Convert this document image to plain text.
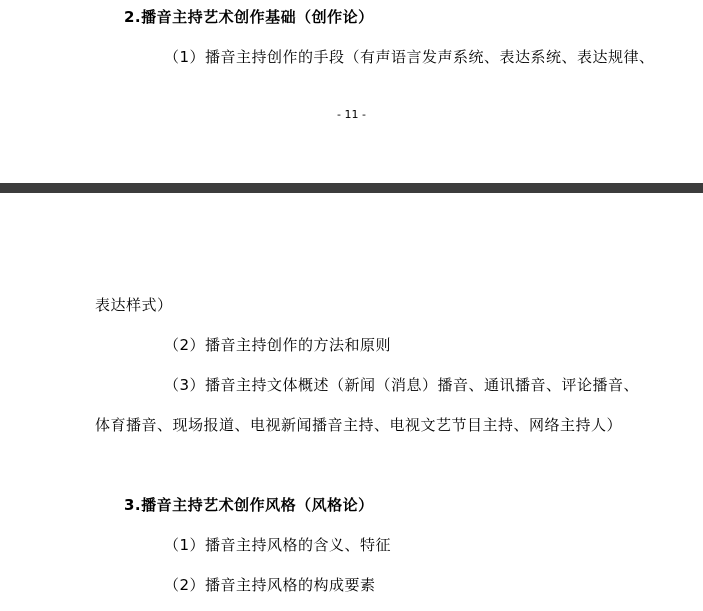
2.播音主持艺术创作基础（创作论）
（1）播音主持创作的手段（有声语言发声系统、表达系统、表达规律、
- 11 -
表达样式）
（2）播音主持创作的方法和原则
（3）播音主持文体概述（新闻（消息）播音、通讯播音、评论播音、
体育播音、现场报道、电视新闻播音主持、电视文艺节目主持、网络主持人）
3.播音主持艺术创作风格（风格论）
（1）播音主持风格的含义、特征
（2）播音主持风格的构成要素
